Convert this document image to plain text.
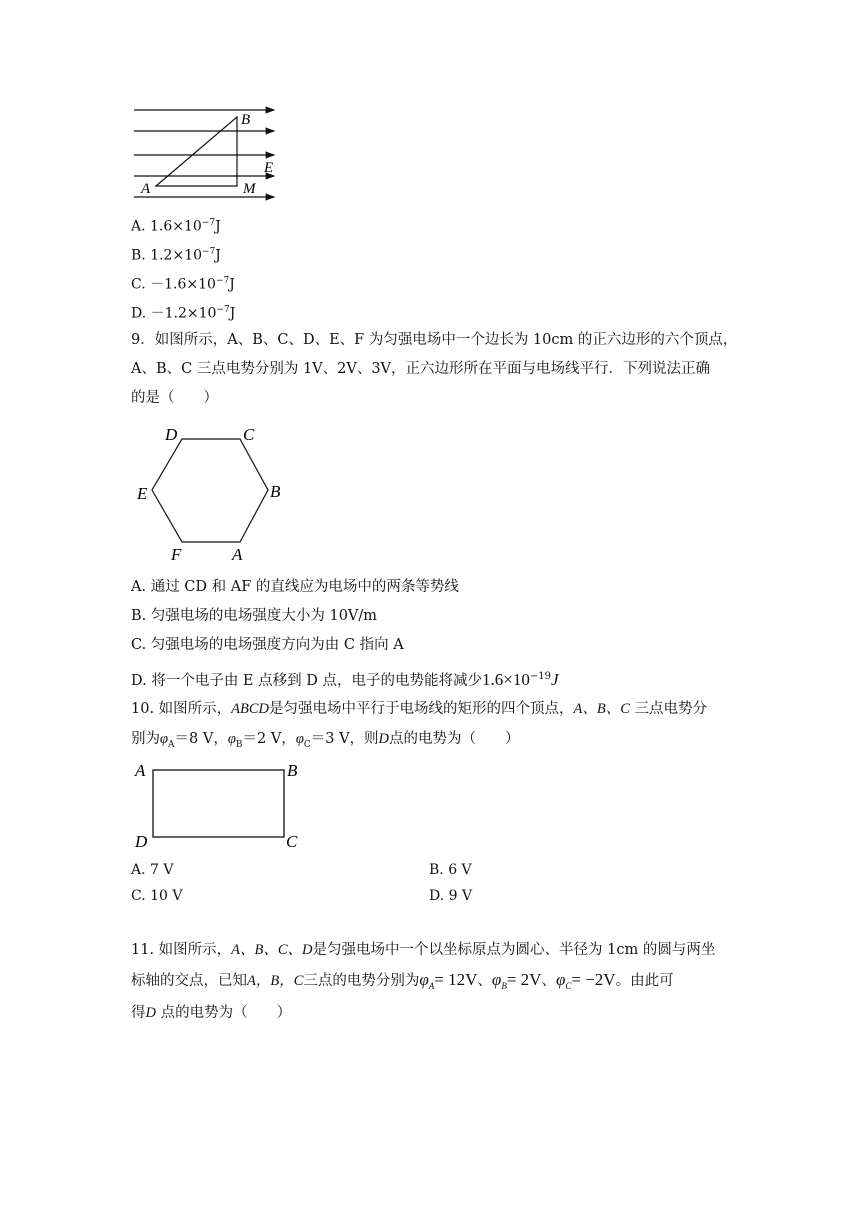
B
E
A	M
A. $1.6\times 10^{-7}J$
B. $1.2\times 10^{-7}J$
C. $-1.6\times 10^{-7}J$
D. $-1.2\times 10^{-7}J$
9．如图所示，A、B、C、D、E、F 为匀强电场中一个边长为 10cm 的正六边形的六个顶点，
A、B、C 三点电势分别为 1V、2V、3V，正六边形所在平面与电场线平行．下列说法正确
的是（　　）
D	C
E	B
F	A
A. 通过 CD 和 AF 的直线应为电场中的两条等势线
B. 匀强电场的电场强度大小为 10V/m
C. 匀强电场的电场强度方向为由 C 指向 A
D. 将一个电子由 E 点移到 D 点，电子的电势能将减少$1.6\times 10^{-19}J$
10. 如图所示，ABCD是匀强电场中平行于电场线的矩形的四个顶点，A、B、C 三点电势分
别为$\varphi_A=8$ V，$\varphi_B=2$ V，$\varphi_C=3$ V，则D点的电势为（　　）
A	B
D	C
A. 7 V	B. 6 V
C. 10 V	D. 9 V
11. 如图所示，A、B、C、D是匀强电场中一个以坐标原点为圆心、半径为 1cm 的圆与两坐
标轴的交点，已知A，B，C三点的电势分别为$\varphi_A= 12V$、$\varphi_B= 2V$、$\varphi_C= -2V$。由此可
得D 点的电势为（　　）
